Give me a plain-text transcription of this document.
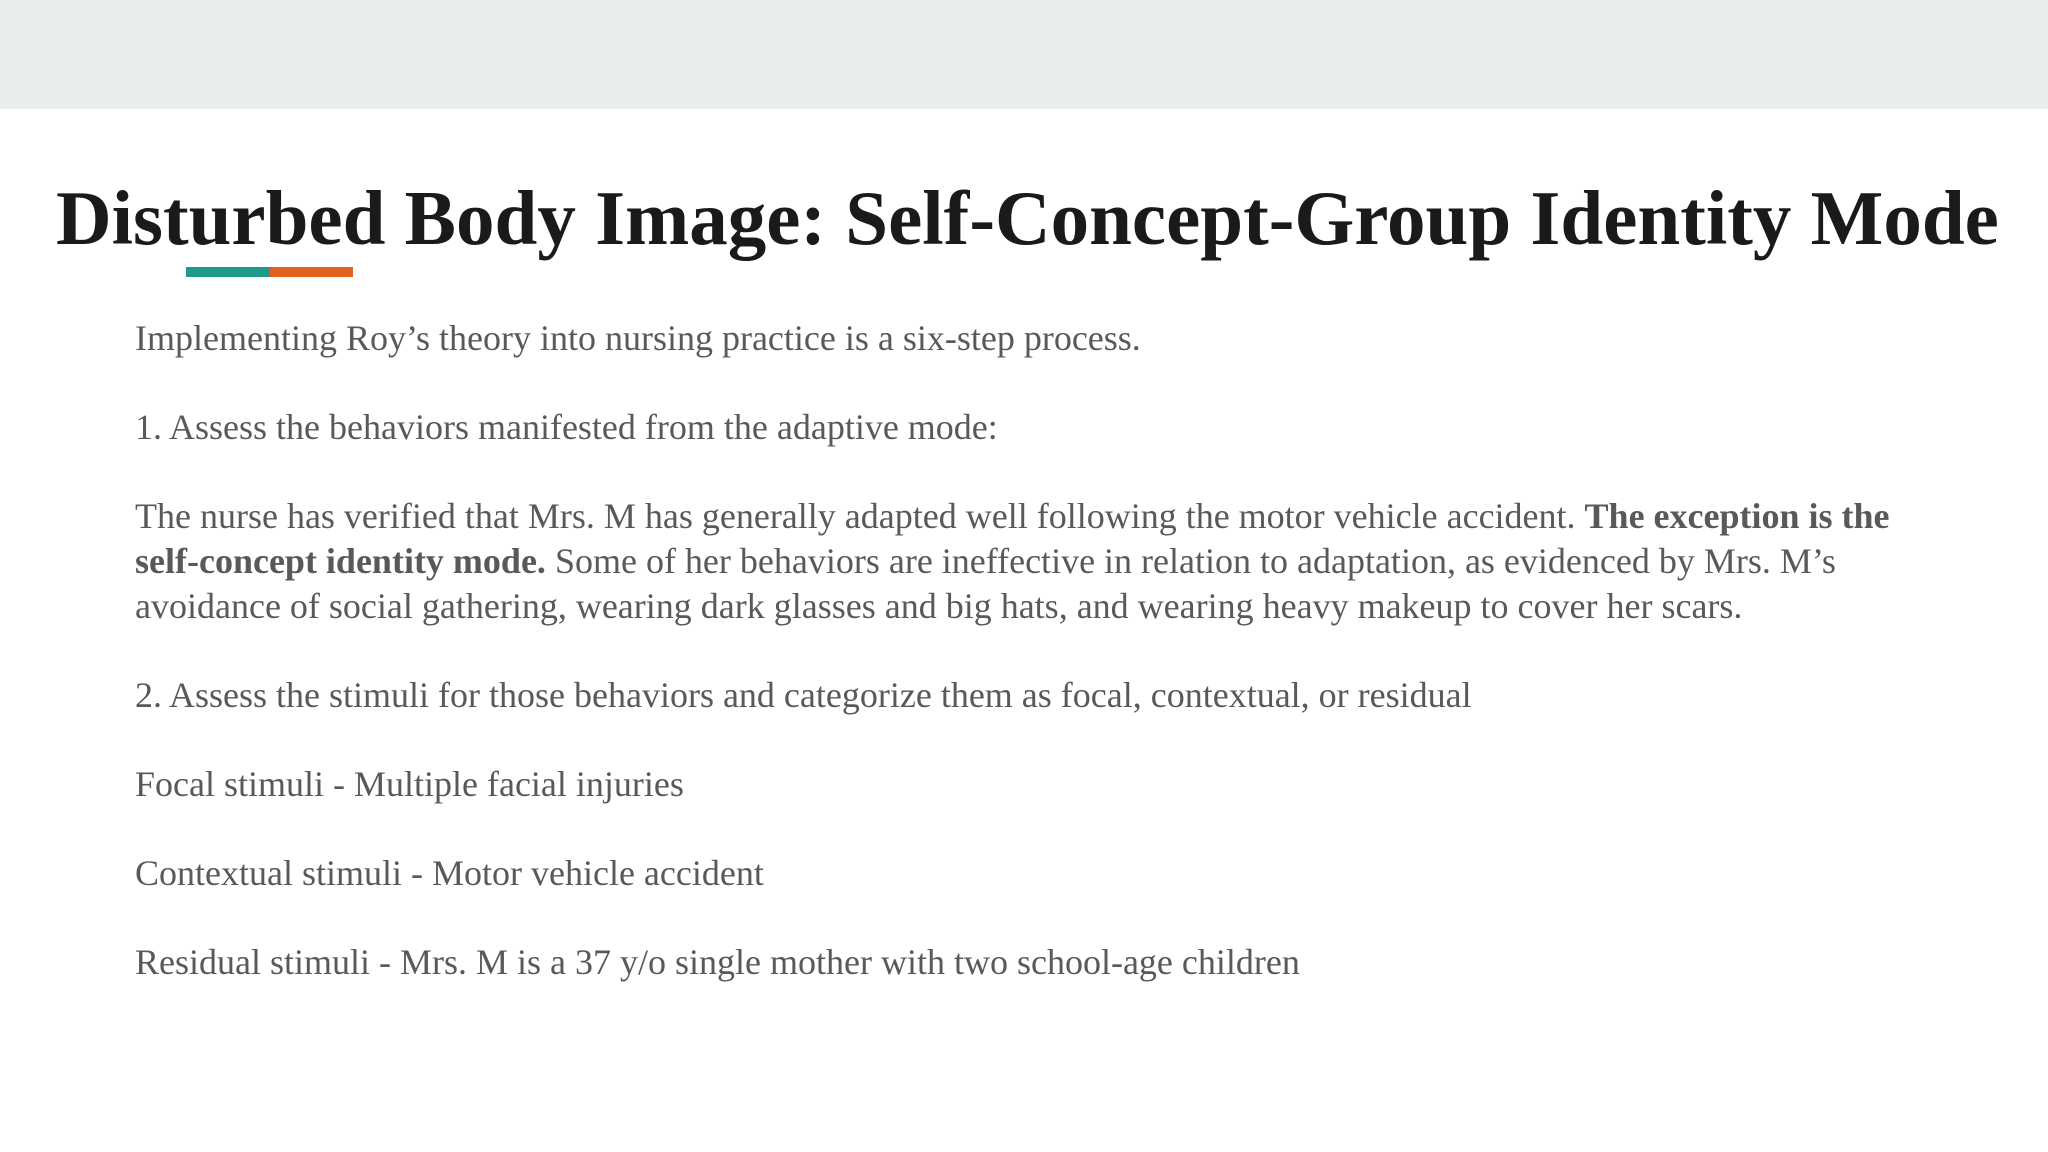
Disturbed Body Image: Self-Concept-Group Identity Mode

Implementing Roy’s theory into nursing practice is a six-step process.

1. Assess the behaviors manifested from the adaptive mode:

The nurse has verified that Mrs. M has generally adapted well following the motor vehicle accident. The exception is the self-concept identity mode. Some of her behaviors are ineffective in relation to adaptation, as evidenced by Mrs. M’s avoidance of social gathering, wearing dark glasses and big hats, and wearing heavy makeup to cover her scars.

2. Assess the stimuli for those behaviors and categorize them as focal, contextual, or residual

Focal stimuli - Multiple facial injuries

Contextual stimuli - Motor vehicle accident

Residual stimuli - Mrs. M is a 37 y/o single mother with two school-age children
